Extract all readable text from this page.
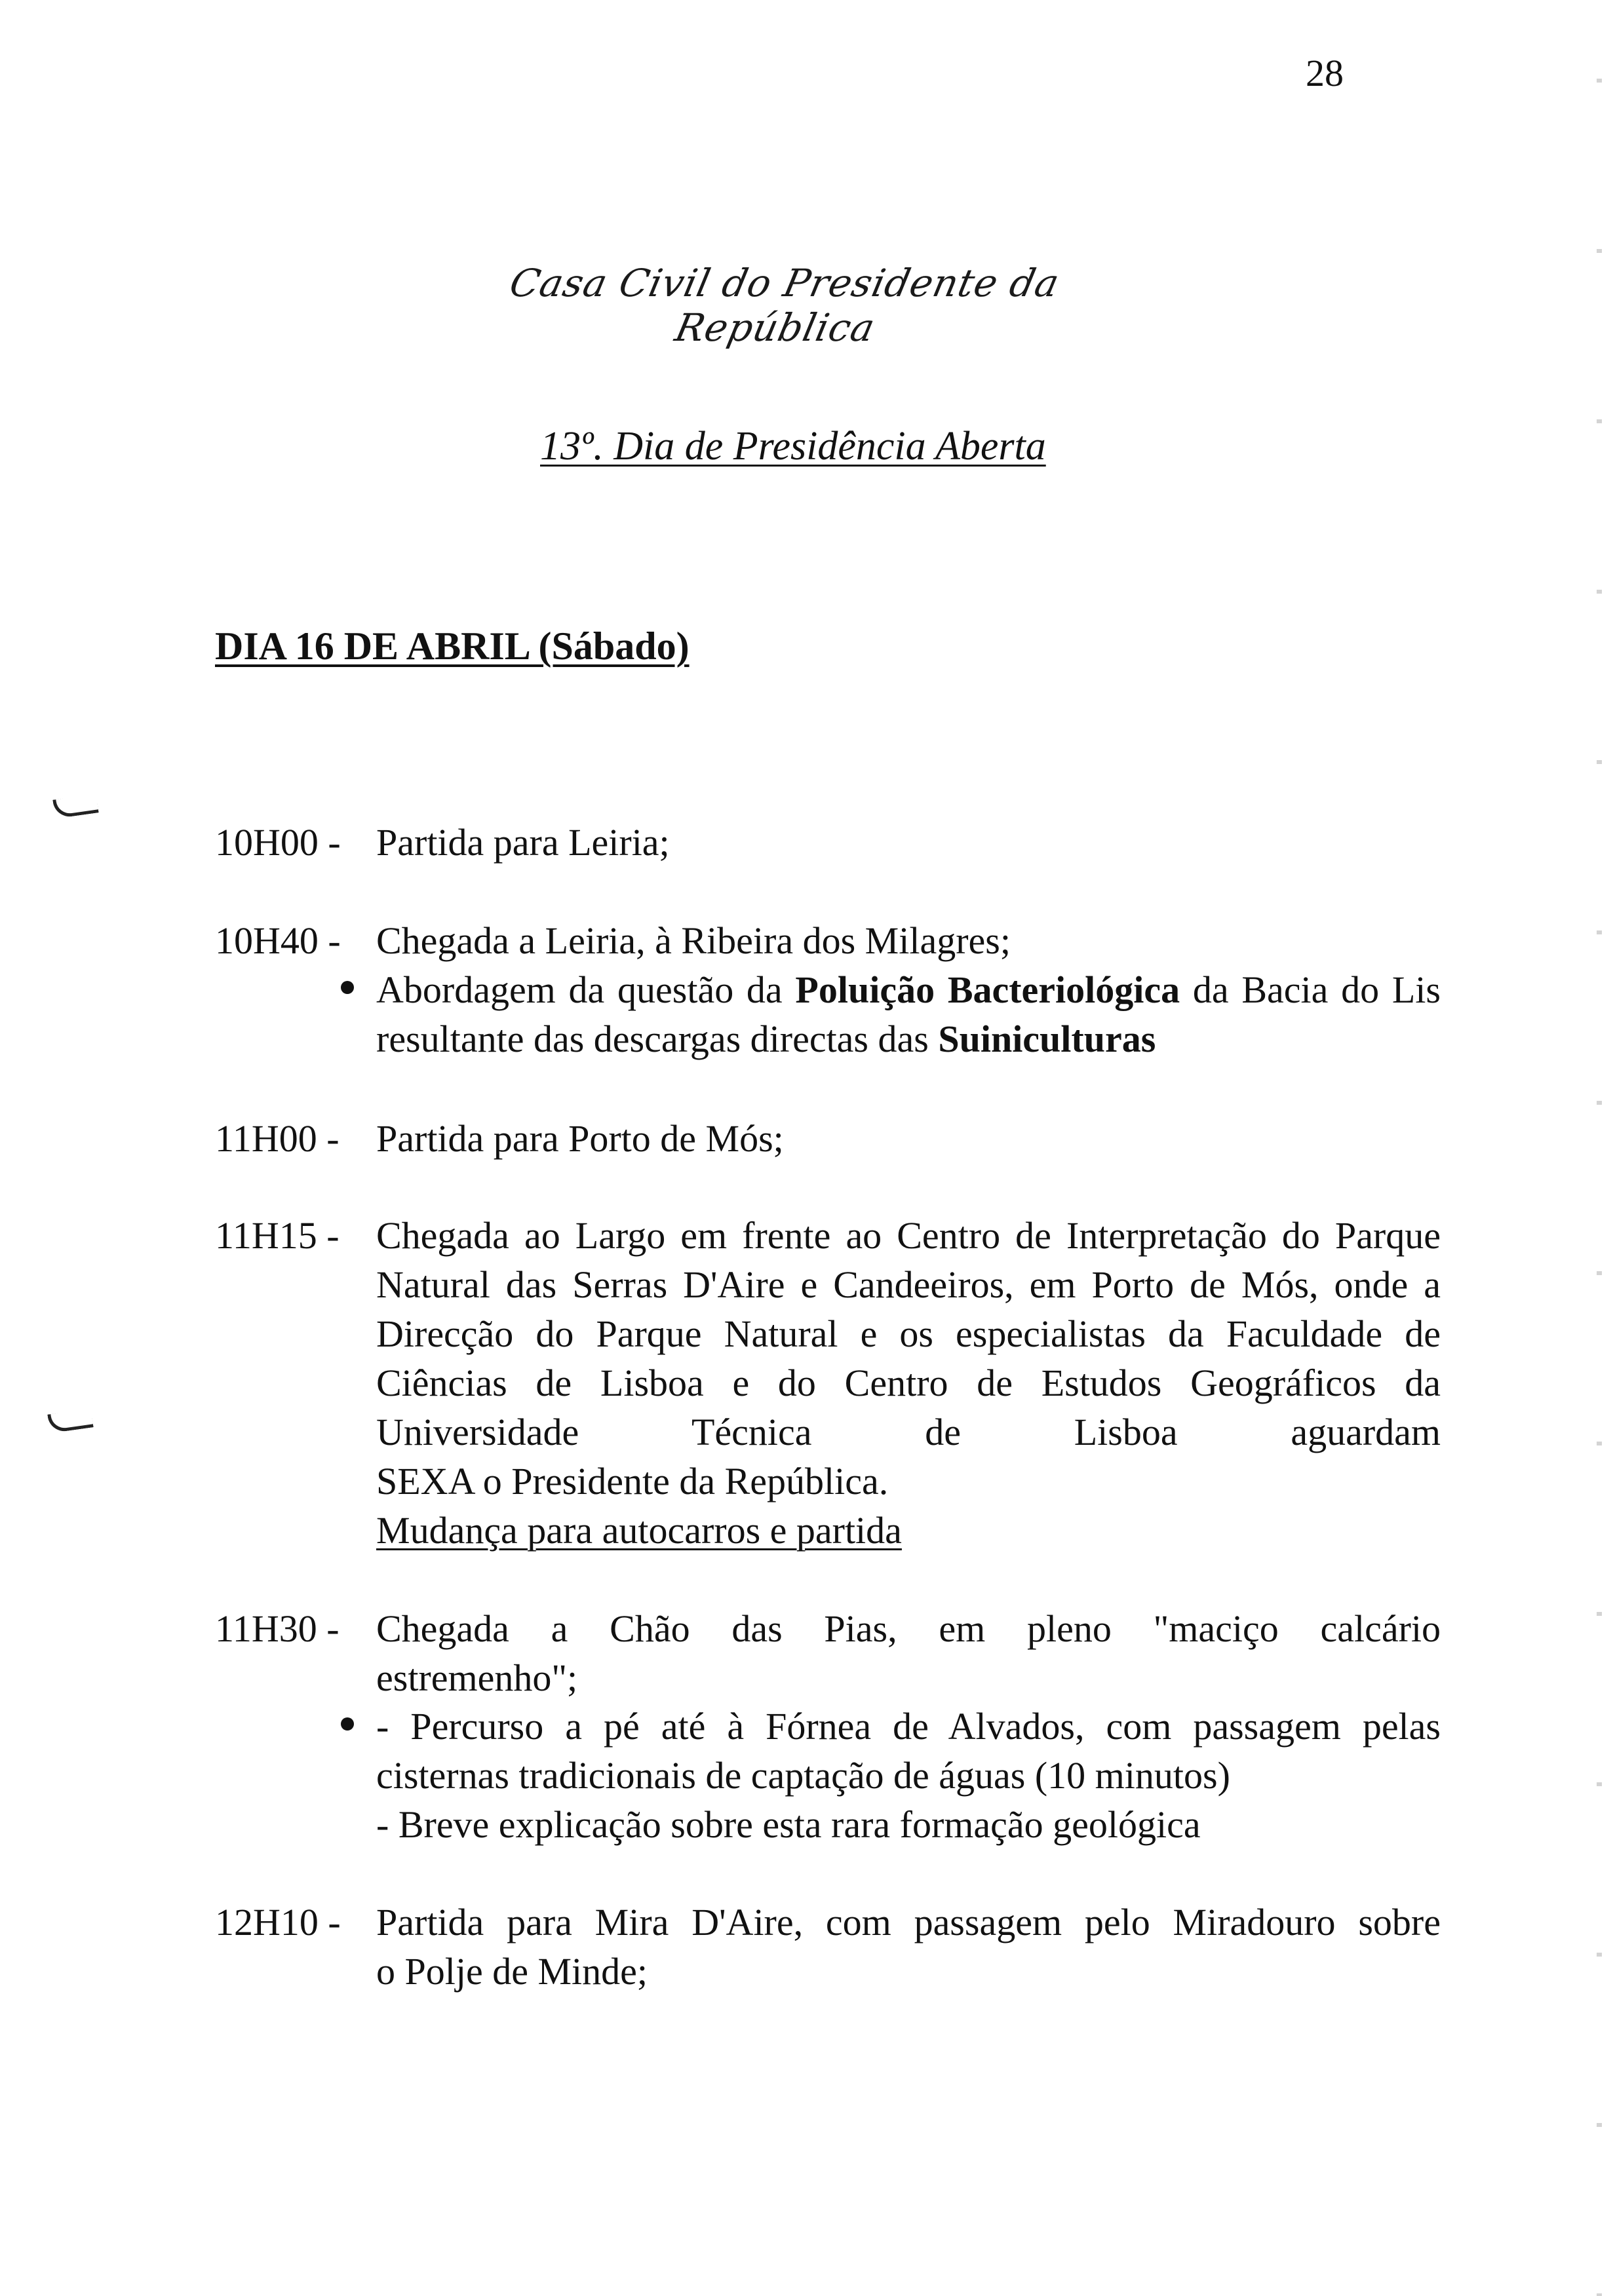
28
Casa Civil do Presidente da República
13º. Dia de Presidência Aberta
DIA 16 DE ABRIL (Sábado)
10H00 - Partida para Leiria;
10H40 - Chegada a Leiria, à Ribeira dos Milagres;
Abordagem da questão da Poluição Bacteriológica da Bacia do Lis resultante das descargas directas das Suiniculturas
11H00 - Partida para Porto de Mós;
11H15 - Chegada ao Largo em frente ao Centro de Interpretação do Parque Natural das Serras D'Aire e Candeeiros, em Porto de Mós, onde a Direcção do Parque Natural e os especialistas da Faculdade de Ciências de Lisboa e do Centro de Estudos Geográficos da Universidade Técnica de Lisboa aguardam
SEXA o Presidente da República.
Mudança para autocarros e partida
11H30 - Chegada a Chão das Pias, em pleno "maciço calcário
estremenho";
- Percurso a pé até à Fórnea de Alvados, com passagem pelas
cisternas tradicionais de captação de águas (10 minutos)
- Breve explicação sobre esta rara formação geológica
12H10 - Partida para Mira D'Aire, com passagem pelo Miradouro sobre
o Polje de Minde;
